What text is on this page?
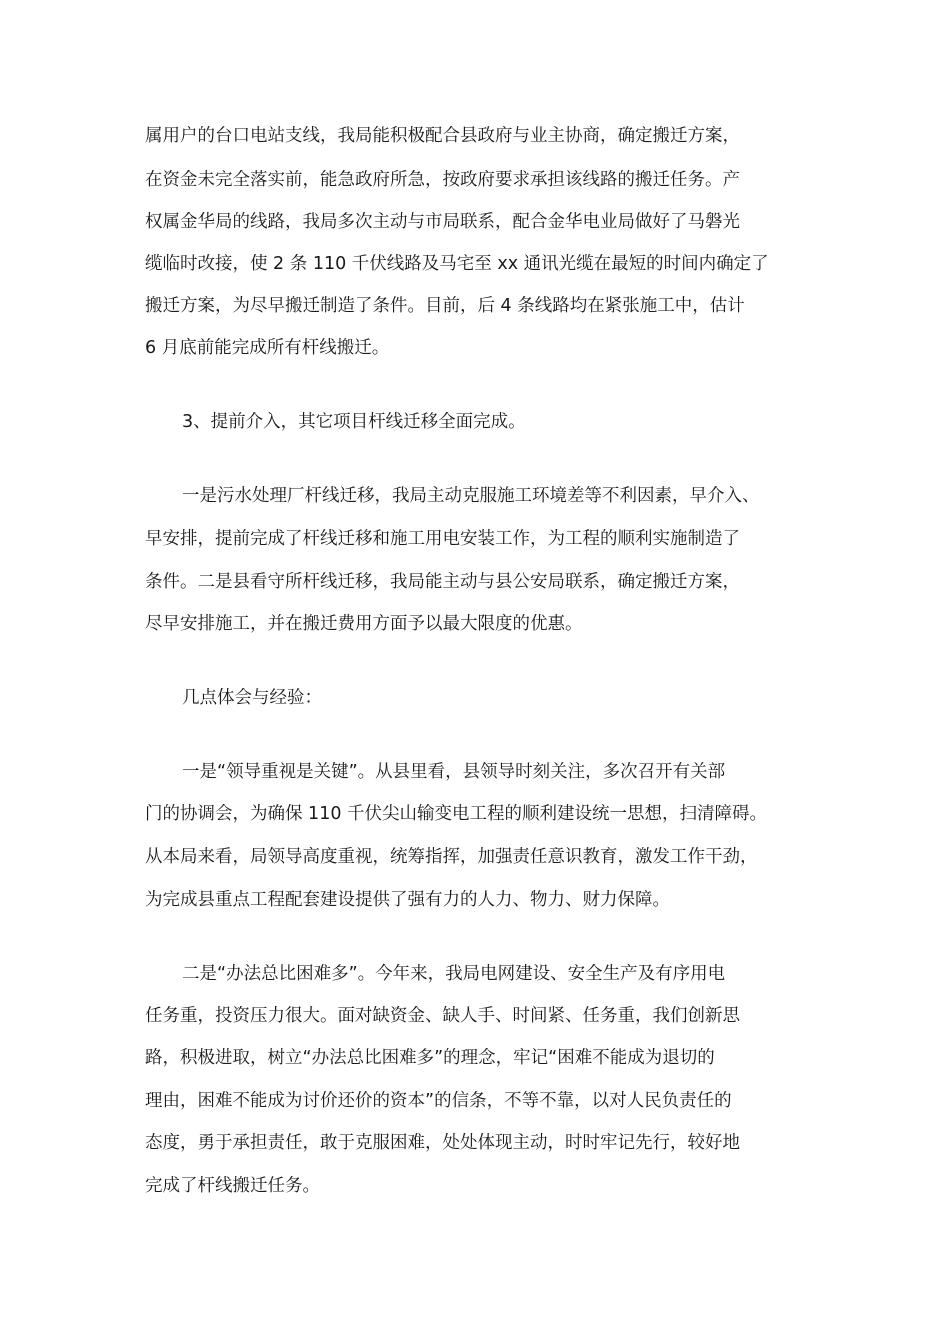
属用户的台口电站支线，我局能积极配合县政府与业主协商，确定搬迁方案，

在资金未完全落实前，能急政府所急，按政府要求承担该线路的搬迁任务。产

权属金华局的线路，我局多次主动与市局联系，配合金华电业局做好了马磐光

缆临时改接，使 2 条 110 千伏线路及马宅至 xx 通讯光缆在最短的时间内确定了

搬迁方案，为尽早搬迁制造了条件。目前，后 4 条线路均在紧张施工中，估计

6 月底前能完成所有杆线搬迁。

3、提前介入，其它项目杆线迁移全面完成。

一是污水处理厂杆线迁移，我局主动克服施工环境差等不利因素，早介入、

早安排，提前完成了杆线迁移和施工用电安装工作，为工程的顺利实施制造了

条件。二是县看守所杆线迁移，我局能主动与县公安局联系，确定搬迁方案，

尽早安排施工，并在搬迁费用方面予以最大限度的优惠。

几点体会与经验：

一是“领导重视是关键”。从县里看，县领导时刻关注，多次召开有关部

门的协调会，为确保 110 千伏尖山输变电工程的顺利建设统一思想，扫清障碍。

从本局来看，局领导高度重视，统筹指挥，加强责任意识教育，激发工作干劲，

为完成县重点工程配套建设提供了强有力的人力、物力、财力保障。

二是“办法总比困难多”。今年来，我局电网建设、安全生产及有序用电

任务重，投资压力很大。面对缺资金、缺人手、时间紧、任务重，我们创新思

路，积极进取，树立“办法总比困难多”的理念，牢记“困难不能成为退切的

理由，困难不能成为讨价还价的资本”的信条，不等不靠，以对人民负责任的

态度，勇于承担责任，敢于克服困难，处处体现主动，时时牢记先行，较好地

完成了杆线搬迁任务。
